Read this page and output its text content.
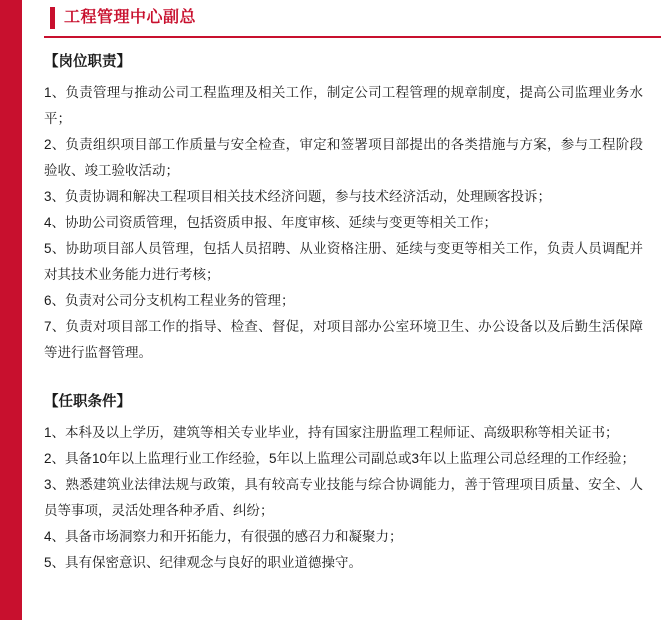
工程管理中心副总
【岗位职责】

1、负责管理与推动公司工程监理及相关工作，制定公司工程管理的规章制度，提高公司监理业务水平；

2、负责组织项目部工作质量与安全检查，审定和签署项目部提出的各类措施与方案，参与工程阶段验收、竣工验收活动；

3、负责协调和解决工程项目相关技术经济问题，参与技术经济活动，处理顾客投诉；

4、协助公司资质管理，包括资质申报、年度审核、延续与变更等相关工作；

5、协助项目部人员管理，包括人员招聘、从业资格注册、延续与变更等相关工作，负责人员调配并对其技术业务能力进行考核；

6、负责对公司分支机构工程业务的管理；

7、负责对项目部工作的指导、检查、督促，对项目部办公室环境卫生、办公设备以及后勤生活保障等进行监督管理。

【任职条件】

1、本科及以上学历，建筑等相关专业毕业，持有国家注册监理工程师证、高级职称等相关证书；

2、具备10年以上监理行业工作经验，5年以上监理公司副总或3年以上监理公司总经理的工作经验；

3、熟悉建筑业法律法规与政策，具有较高专业技能与综合协调能力，善于管理项目质量、安全、人员等事项，灵活处理各种矛盾、纠纷；

4、具备市场洞察力和开拓能力，有很强的感召力和凝聚力；

5、具有保密意识、纪律观念与良好的职业道德操守。
